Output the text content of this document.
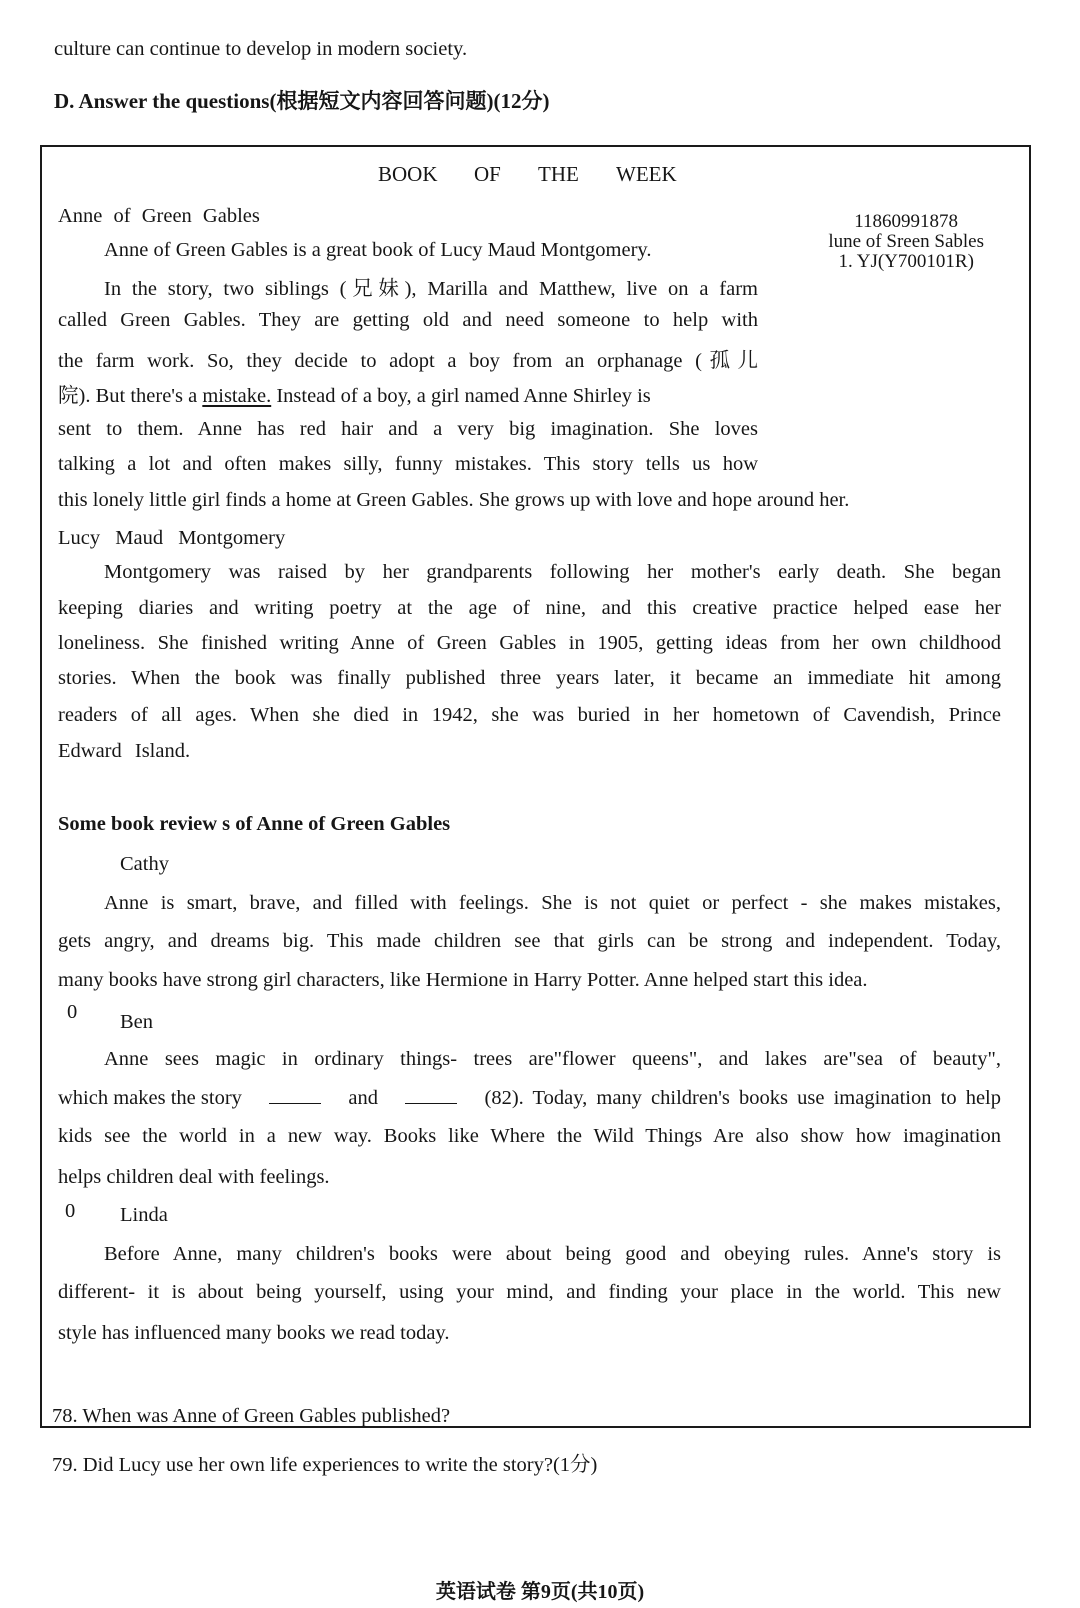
culture can continue to develop in modern society.
D. Answer the questions(根据短文内容回答问题)(12分)
BOOK OF THE WEEK
11860991878
lune of Sreen Sables
1. YJ(Y700101R)
Anne of Green Gables
Anne of Green Gables is a great book of Lucy Maud Montgomery.
In the story, two siblings (兄妹), Marilla and Matthew, live on a farm
called Green Gables. They are getting old and need someone to help with
the farm work. So, they decide to adopt a boy from an orphanage (孤儿
院). But there's a mistake. Instead of a boy, a girl named Anne Shirley is
sent to them. Anne has red hair and a very big imagination. She loves
talking a lot and often makes silly, funny mistakes. This story tells us how
this lonely little girl finds a home at Green Gables. She grows up with love and hope around her.
Lucy Maud Montgomery
Montgomery was raised by her grandparents following her mother's early death. She began
keeping diaries and writing poetry at the age of nine, and this creative practice helped ease her
loneliness. She finished writing Anne of Green Gables in 1905, getting ideas from her own childhood
stories. When the book was finally published three years later, it became an immediate hit among
readers of all ages. When she died in 1942, she was buried in her hometown of Cavendish, Prince
Edward Island.
Some book review s of Anne of Green Gables
Cathy
Anne is smart, brave, and filled with feelings. She is not quiet or perfect - she makes mistakes,
gets angry, and dreams big. This made children see that girls can be strong and independent. Today,
many books have strong girl characters, like Hermione in Harry Potter. Anne helped start this idea.
0 Ben
Anne sees magic in ordinary things- trees are"flower queens", and lakes are"sea of beauty",
which makes the story	and	(82). Today, many children's books use imagination to help
kids see the world in a new way. Books like Where the Wild Things Are also show how imagination
helps children deal with feelings.
0 Linda
Before Anne, many children's books were about being good and obeying rules. Anne's story is
different- it is about being yourself, using your mind, and finding your place in the world. This new
style has influenced many books we read today.
78. When was Anne of Green Gables published?
79. Did Lucy use her own life experiences to write the story?(1分)
英语试卷 第9页(共10页)
